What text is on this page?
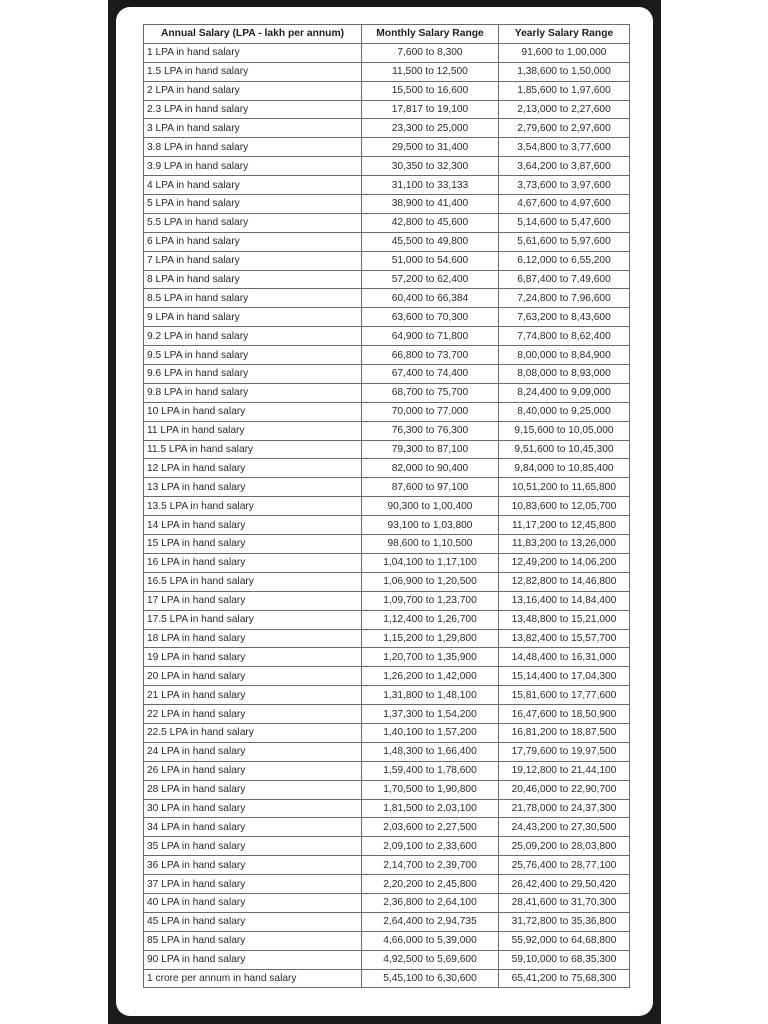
Annual Salary (LPA - lakh per annum)	Monthly Salary Range	Yearly Salary Range
1 LPA in hand salary	7,600 to 8,300	91,600 to 1,00,000
1.5 LPA in hand salary	11,500 to 12,500	1,38,600 to 1,50,000
2 LPA in hand salary	15,500 to 16,600	1,85,600 to 1,97,600
2.3 LPA in hand salary	17,817 to 19,100	2,13,000 to 2,27,600
3 LPA in hand salary	23,300 to 25,000	2,79,600 to 2,97,600
3.8 LPA in hand salary	29,500 to 31,400	3,54,800 to 3,77,600
3.9 LPA in hand salary	30,350 to 32,300	3,64,200 to 3,87,600
4 LPA in hand salary	31,100 to 33,133	3,73,600 to 3,97,600
5 LPA in hand salary	38,900 to 41,400	4,67,600 to 4,97,600
5.5 LPA in hand salary	42,800 to 45,600	5,14,600 to 5,47,600
6 LPA in hand salary	45,500 to 49,800	5,61,600 to 5,97,600
7 LPA in hand salary	51,000 to 54,600	6,12,000 to 6,55,200
8 LPA in hand salary	57,200 to 62,400	6,87,400 to 7,49,600
8.5 LPA in hand salary	60,400 to 66,384	7,24,800 to 7,96,600
9 LPA in hand salary	63,600 to 70,300	7,63,200 to 8,43,600
9.2 LPA in hand salary	64,900 to 71,800	7,74,800 to 8,62,400
9.5 LPA in hand salary	66,800 to 73,700	8,00,000 to 8,84,900
9.6 LPA in hand salary	67,400 to 74,400	8,08,000 to 8,93,000
9.8 LPA in hand salary	68,700 to 75,700	8,24,400 to 9,09,000
10 LPA in hand salary	70,000 to 77,000	8,40,000 to 9,25,000
11 LPA in hand salary	76,300 to 76,300	9,15,600 to 10,05,000
11.5 LPA in hand salary	79,300 to 87,100	9,51,600 to 10,45,300
12 LPA in hand salary	82,000 to 90,400	9,84,000 to 10,85,400
13 LPA in hand salary	87,600 to 97,100	10,51,200 to 11,65,800
13.5 LPA in hand salary	90,300 to 1,00,400	10,83,600 to 12,05,700
14 LPA in hand salary	93,100 to 1,03,800	11,17,200 to 12,45,800
15 LPA in hand salary	98,600 to 1,10,500	11,83,200 to 13,26,000
16 LPA in hand salary	1,04,100 to 1,17,100	12,49,200 to 14,06,200
16.5 LPA in hand salary	1,06,900 to 1,20,500	12,82,800 to 14,46,800
17 LPA in hand salary	1,09,700 to 1,23,700	13,16,400 to 14,84,400
17.5 LPA in hand salary	1,12,400 to 1,26,700	13,48,800 to 15,21,000
18 LPA in hand salary	1,15,200 to 1,29,800	13,82,400 to 15,57,700
19 LPA in hand salary	1,20,700 to 1,35,900	14,48,400 to 16,31,000
20 LPA in hand salary	1,26,200 to 1,42,000	15,14,400 to 17,04,300
21 LPA in hand salary	1,31,800 to 1,48,100	15,81,600 to 17,77,600
22 LPA in hand salary	1,37,300 to 1,54,200	16,47,600 to 18,50,900
22.5 LPA in hand salary	1,40,100 to 1,57,200	16,81,200 to 18,87,500
24 LPA in hand salary	1,48,300 to 1,66,400	17,79,600 to 19,97,500
26 LPA in hand salary	1,59,400 to 1,78,600	19,12,800 to 21,44,100
28 LPA in hand salary	1,70,500 to 1,90,800	20,46,000 to 22,90,700
30 LPA in hand salary	1,81,500 to 2,03,100	21,78,000 to 24,37,300
34 LPA in hand salary	2,03,600 to 2,27,500	24,43,200 to 27,30,500
35 LPA in hand salary	2,09,100 to 2,33,600	25,09,200 to 28,03,800
36 LPA in hand salary	2,14,700 to 2,39,700	25,76,400 to 28,77,100
37 LPA in hand salary	2,20,200 to 2,45,800	26,42,400 to 29,50,420
40 LPA in hand salary	2,36,800 to 2,64,100	28,41,600 to 31,70,300
45 LPA in hand salary	2,64,400 to 2,94,735	31,72,800 to 35,36,800
85 LPA in hand salary	4,66,000 to 5,39,000	55,92,000 to 64,68,800
90 LPA in hand salary	4,92,500 to 5,69,600	59,10,000 to 68,35,300
1 crore per annum in hand salary	5,45,100 to 6,30,600	65,41,200 to 75,68,300
